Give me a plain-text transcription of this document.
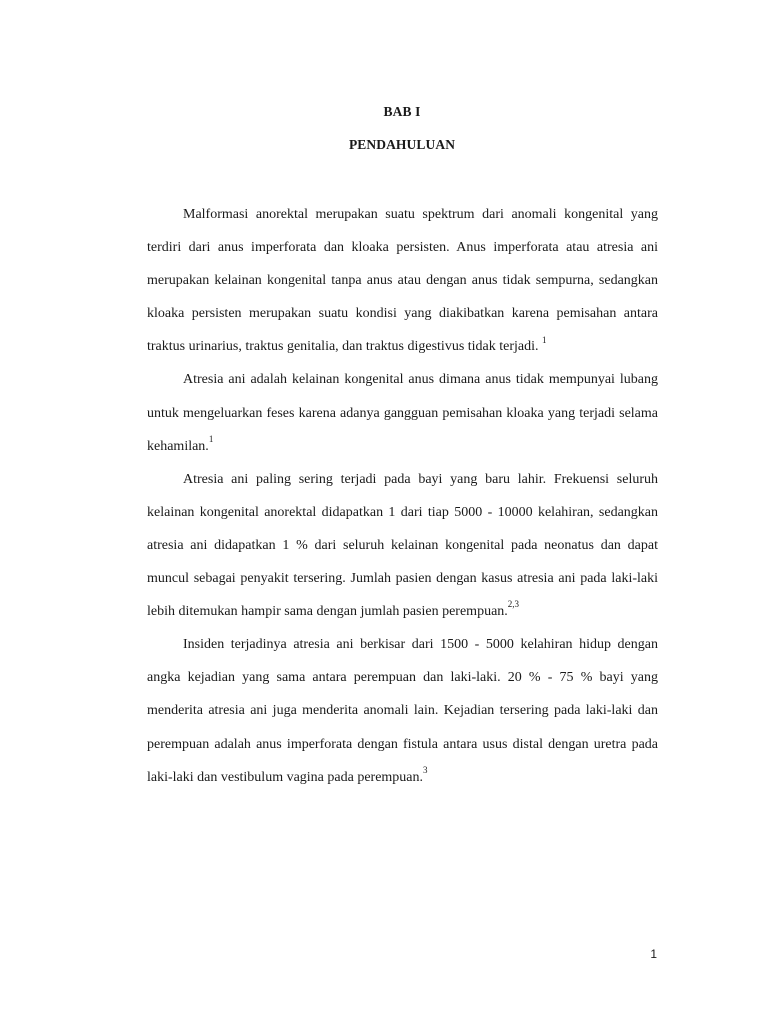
BAB I
PENDAHULUAN

Malformasi anorektal merupakan suatu spektrum dari anomali kongenital yang terdiri dari anus imperforata dan kloaka persisten. Anus imperforata atau atresia ani merupakan kelainan kongenital tanpa anus atau dengan anus tidak sempurna, sedangkan kloaka persisten merupakan suatu kondisi yang diakibatkan karena pemisahan antara traktus urinarius, traktus genitalia, dan traktus digestivus tidak terjadi. $^1$

Atresia ani adalah kelainan kongenital anus dimana anus tidak mempunyai lubang untuk mengeluarkan feses karena adanya gangguan pemisahan kloaka yang terjadi selama kehamilan.$^1$

Atresia ani paling sering terjadi pada bayi yang baru lahir. Frekuensi seluruh kelainan kongenital anorektal didapatkan 1 dari tiap 5000 - 10000 kelahiran, sedangkan atresia ani didapatkan 1 % dari seluruh kelainan kongenital pada neonatus dan dapat muncul sebagai penyakit tersering. Jumlah pasien dengan kasus atresia ani pada laki-laki lebih ditemukan hampir sama dengan jumlah pasien perempuan.$^{2,3}$

Insiden terjadinya atresia ani berkisar dari 1500 - 5000 kelahiran hidup dengan angka kejadian yang sama antara perempuan dan laki-laki. 20 % - 75 % bayi yang menderita atresia ani juga menderita anomali lain. Kejadian tersering pada laki-laki dan perempuan adalah anus imperforata dengan fistula antara usus distal dengan uretra pada laki-laki dan vestibulum vagina pada perempuan.$^3$

1
